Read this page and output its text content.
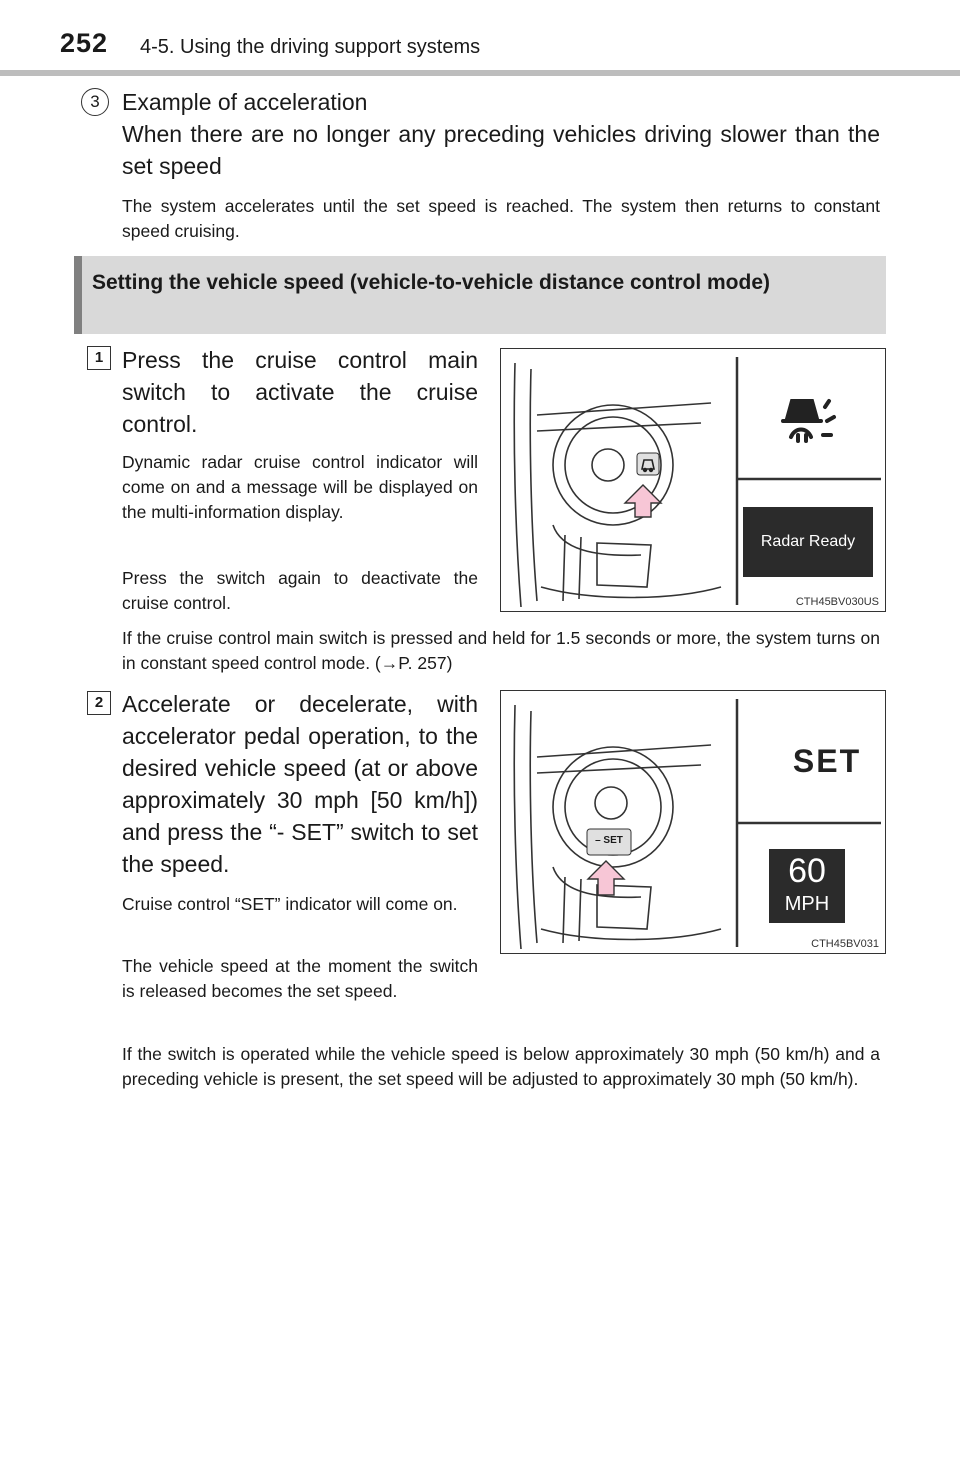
252 4-5. Using the driving support systems
3 Example of acceleration
When there are no longer any preceding vehicles driving slower than the set speed
The system accelerates until the set speed is reached. The system then returns to constant speed cruising.
Setting the vehicle speed (vehicle-to-vehicle distance control mode)
1 Press the cruise control main switch to activate the cruise control.
Dynamic radar cruise control indicator will come on and a message will be displayed on the multi-information display.
Press the switch again to deactivate the cruise control.
If the cruise control main switch is pressed and held for 1.5 seconds or more, the system turns on in constant speed control mode. (→P. 257)
Radar Ready
CTH45BV030US
2 Accelerate or decelerate, with accelerator pedal operation, to the desired vehicle speed (at or above approximately 30 mph [50 km/h]) and press the “- SET” switch to set the speed.
Cruise control “SET” indicator will come on.
The vehicle speed at the moment the switch is released becomes the set speed.
If the switch is operated while the vehicle speed is below approximately 30 mph (50 km/h) and a preceding vehicle is present, the set speed will be adjusted to approximately 30 mph (50 km/h).
– SET
SET
60
MPH
CTH45BV031
